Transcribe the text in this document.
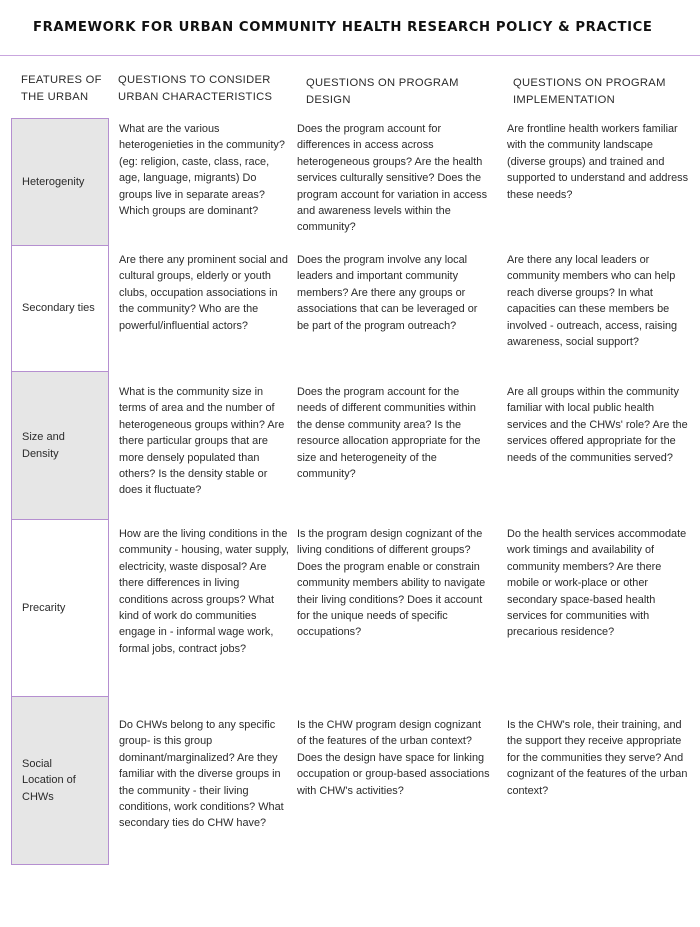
FRAMEWORK FOR URBAN COMMUNITY HEALTH RESEARCH POLICY & PRACTICE
FEATURES OF THE URBAN
QUESTIONS TO CONSIDER URBAN CHARACTERISTICS
QUESTIONS ON PROGRAM DESIGN
QUESTIONS ON PROGRAM IMPLEMENTATION
Heterogenity
Secondary ties
Size and Density
Precarity
Social Location of CHWs
What are the various heterogenieties in the community? (eg: religion, caste, class, race, age, language, migrants) Do groups live in separate areas? Which groups are dominant?
Does the program account for differences in access across heterogeneous groups? Are the health services culturally sensitive? Does the program account for variation in access and awareness levels within the community?
Are frontline health workers familiar with the community landscape (diverse groups) and trained and supported to understand and address these needs?
Are there any prominent social and cultural groups, elderly or youth clubs, occupation associations in the community? Who are the powerful/influential actors?
Does the program involve any local leaders and important community members? Are there any groups or associations that can be leveraged or be part of the program outreach?
Are there any local leaders or community members who can help reach diverse groups? In what capacities can these members be involved - outreach, access, raising awareness, social support?
What is the community size in terms of area and the number of heterogeneous groups within? Are there particular groups that are more densely populated than others? Is the density stable or does it fluctuate?
Does the program account for the needs of different communities within the dense community area? Is the resource allocation appropriate for the size and heterogeneity of the community?
Are all groups within the community familiar with local public health services and the CHWs' role? Are the services offered appropriate for the needs of the communities served?
How are the living conditions in the community - housing, water supply, electricity, waste disposal? Are there differences in living conditions across groups? What kind of work do communities engage in - informal wage work, formal jobs, contract jobs?
Is the program design cognizant of the living conditions of different groups? Does the program enable or constrain community members ability to navigate their living conditions? Does it account for the unique needs of specific occupations?
Do the health services accommodate work timings and availability of community members? Are there mobile or work-place or other secondary space-based health services for communities with precarious residence?
Do CHWs belong to any specific group- is this group dominant/marginalized? Are they familiar with the diverse groups in the community - their living conditions, work conditions? What secondary ties do CHW have?
Is the CHW program design cognizant of the features of the urban context? Does the design have space for linking occupation or group-based associations with CHW's activities?
Is the CHW's role, their training, and the support they receive appropriate for the communities they serve? And cognizant of the features of the urban context?
